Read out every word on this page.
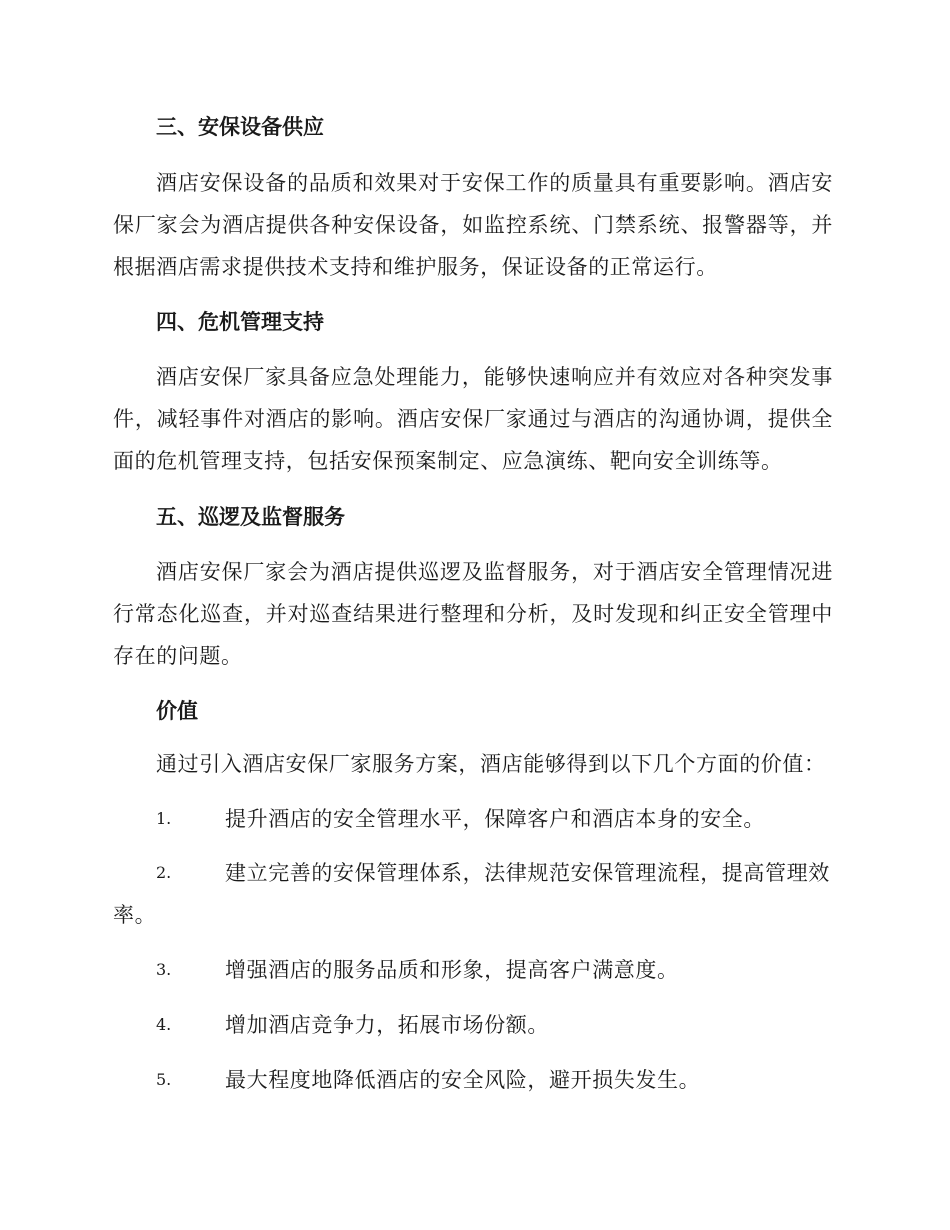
三、安保设备供应
酒店安保设备的品质和效果对于安保工作的质量具有重要影响。酒店安保厂家会为酒店提供各种安保设备，如监控系统、门禁系统、报警器等，并根据酒店需求提供技术支持和维护服务，保证设备的正常运行。
四、危机管理支持
酒店安保厂家具备应急处理能力，能够快速响应并有效应对各种突发事件，减轻事件对酒店的影响。酒店安保厂家通过与酒店的沟通协调，提供全面的危机管理支持，包括安保预案制定、应急演练、靶向安全训练等。
五、巡逻及监督服务
酒店安保厂家会为酒店提供巡逻及监督服务，对于酒店安全管理情况进行常态化巡查，并对巡查结果进行整理和分析，及时发现和纠正安全管理中存在的问题。
价值
通过引入酒店安保厂家服务方案，酒店能够得到以下几个方面的价值：
1.	提升酒店的安全管理水平，保障客户和酒店本身的安全。
2.	建立完善的安保管理体系，法律规范安保管理流程，提高管理效率。
3.	增强酒店的服务品质和形象，提高客户满意度。
4.	增加酒店竞争力，拓展市场份额。
5.	最大程度地降低酒店的安全风险，避开损失发生。
